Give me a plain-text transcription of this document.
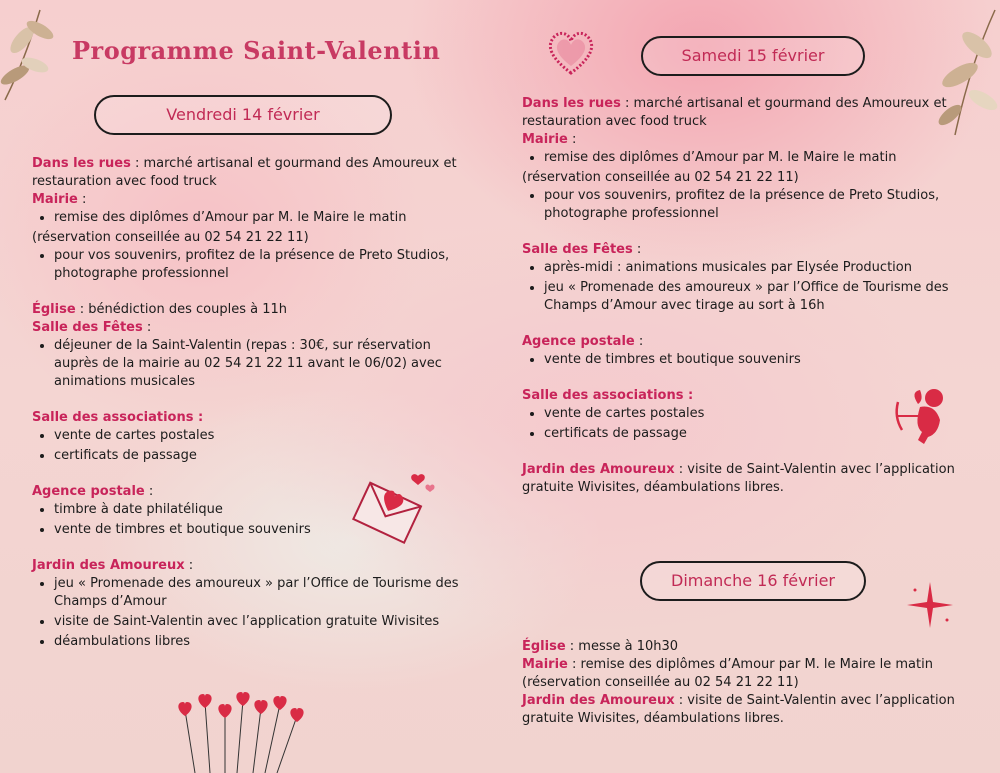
Programme Saint-Valentin
Vendredi 14 février

Dans les rues : marché artisanal et gourmand des Amoureux et restauration avec food truck

Mairie :

• remise des diplômes d’Amour par M. le Maire le matin

(réservation conseillée au 02 54 21 22 11)

• pour vos souvenirs, profitez de la présence de Preto Studios, photographe professionnel

Église : bénédiction des couples à 11h

Salle des Fêtes :

• déjeuner de la Saint-Valentin (repas : 30€, sur réservation auprès de la mairie au 02 54 21 22 11 avant le 06/02) avec animations musicales

Salle des associations :

• vente de cartes postales
• certificats de passage

Agence postale :

• timbre à date philatélique
• vente de timbres et boutique souvenirs

Jardin des Amoureux :

• jeu « Promenade des amoureux » par l’Office de Tourisme des Champs d’Amour
• visite de Saint-Valentin avec l’application gratuite Wivisites
• déambulations libres
Samedi 15 février

Dans les rues : marché artisanal et gourmand des Amoureux et restauration avec food truck

Mairie :

• remise des diplômes d’Amour par M. le Maire le matin

(réservation conseillée au 02 54 21 22 11)

• pour vos souvenirs, profitez de la présence de Preto Studios, photographe professionnel

Salle des Fêtes :

• après-midi : animations musicales par Elysée Production
• jeu « Promenade des amoureux » par l’Office de Tourisme des Champs d’Amour avec tirage au sort à 16h

Agence postale :

• vente de timbres et boutique souvenirs

Salle des associations :

• vente de cartes postales
• certificats de passage

Jardin des Amoureux : visite de Saint-Valentin avec l’application gratuite Wivisites, déambulations libres.

Dimanche 16 février

Église : messe à 10h30

Mairie : remise des diplômes d’Amour par M. le Maire le matin (réservation conseillée au 02 54 21 22 11)

Jardin des Amoureux : visite de Saint-Valentin avec l’application gratuite Wivisites, déambulations libres.
